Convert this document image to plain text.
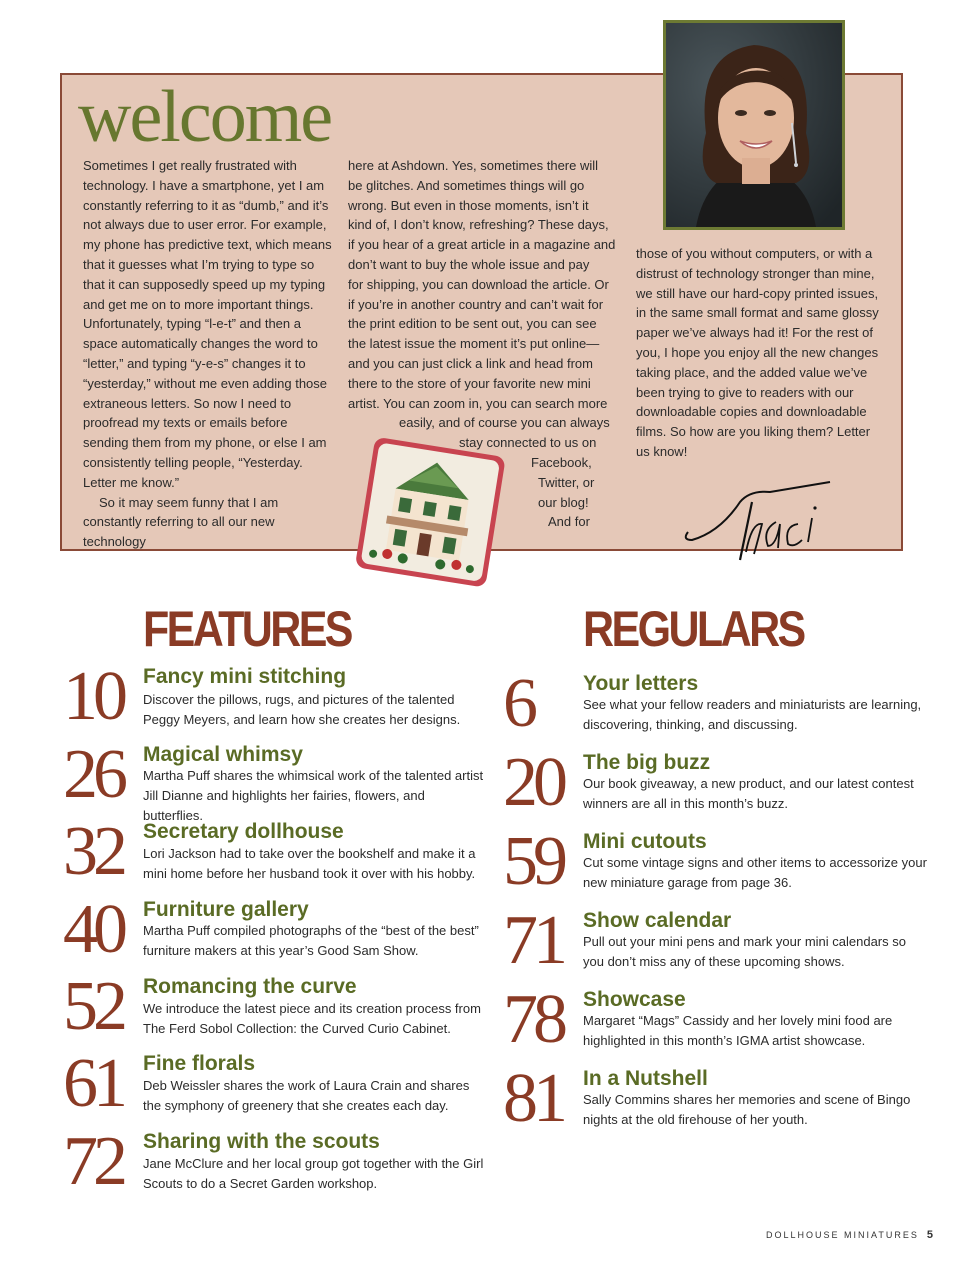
welcome

Sometimes I get really frustrated with technology. I have a smartphone, yet I am constantly referring to it as “dumb,” and it’s not always due to user error. For example, my phone has predictive text, which means that it guesses what I’m trying to type so that it can supposedly speed up my typing and get me on to more important things. Unfortunately, typing “l-e-t” and then a space automatically changes the word to “letter,” and typing “y-e-s” changes it to “yesterday,” without me even adding those extraneous letters. So now I need to proofread my texts or emails before sending them from my phone, or else I am consistently telling people, “Yesterday. Letter me know.”

So it may seem funny that I am constantly referring to all our new technology

here at Ashdown. Yes, sometimes there will
be glitches. And sometimes things will go
wrong. But even in those moments, isn’t it
kind of, I don’t know, refreshing? These days,
if you hear of a great article in a magazine and
don’t want to buy the whole issue and pay
for shipping, you can download the article. Or
if you’re in another country and can’t wait for
the print edition to be sent out, you can see
the latest issue the moment it’s put online—
and you can just click a link and head from
there to the store of your favorite new mini
artist. You can zoom in, you can search more
easily, and of course you can always
stay connected to us on
Facebook,
Twitter, or
our blog!
And for

those of you without computers, or with a distrust of technology stronger than mine, we still have our hard-copy printed issues, in the same small format and same glossy paper we’ve always had it! For the rest of you, I hope you enjoy all the new changes taking place, and the added value we’ve been trying to give to readers with our downloadable copies and downloadable films. So how are you liking them? Letter us know!

FEATURES	REGULARS
10 Fancy mini stitching
Discover the pillows, rugs, and pictures of the talented Peggy Meyers, and learn how she creates her designs.
26 Magical whimsy
Martha Puff shares the whimsical work of the talented artist Jill Dianne and highlights her fairies, flowers, and butterflies.
32 Secretary dollhouse
Lori Jackson had to take over the bookshelf and make it a mini home before her husband took it over with his hobby.
40 Furniture gallery
Martha Puff compiled photographs of the “best of the best” furniture makers at this year’s Good Sam Show.
52 Romancing the curve
We introduce the latest piece and its creation process from The Ferd Sobol Collection: the Curved Curio Cabinet.
61 Fine florals
Deb Weissler shares the work of Laura Crain and shares the symphony of greenery that she creates each day.
72 Sharing with the scouts
Jane McClure and her local group got together with the Girl Scouts to do a Secret Garden workshop.
6 Your letters
See what your fellow readers and miniaturists are learning, discovering, thinking, and discussing.
20 The big buzz
Our book giveaway, a new product, and our latest contest winners are all in this month’s buzz.
59 Mini cutouts
Cut some vintage signs and other items to accessorize your new miniature garage from page 36.
71 Show calendar
Pull out your mini pens and mark your mini calendars so you don’t miss any of these upcoming shows.
78 Showcase
Margaret “Mags” Cassidy and her lovely mini food are highlighted in this month’s IGMA artist showcase.
81 In a Nutshell
Sally Commins shares her memories and scene of Bingo nights at the old firehouse of her youth.
DOLLHOUSE MINIATURES 5
